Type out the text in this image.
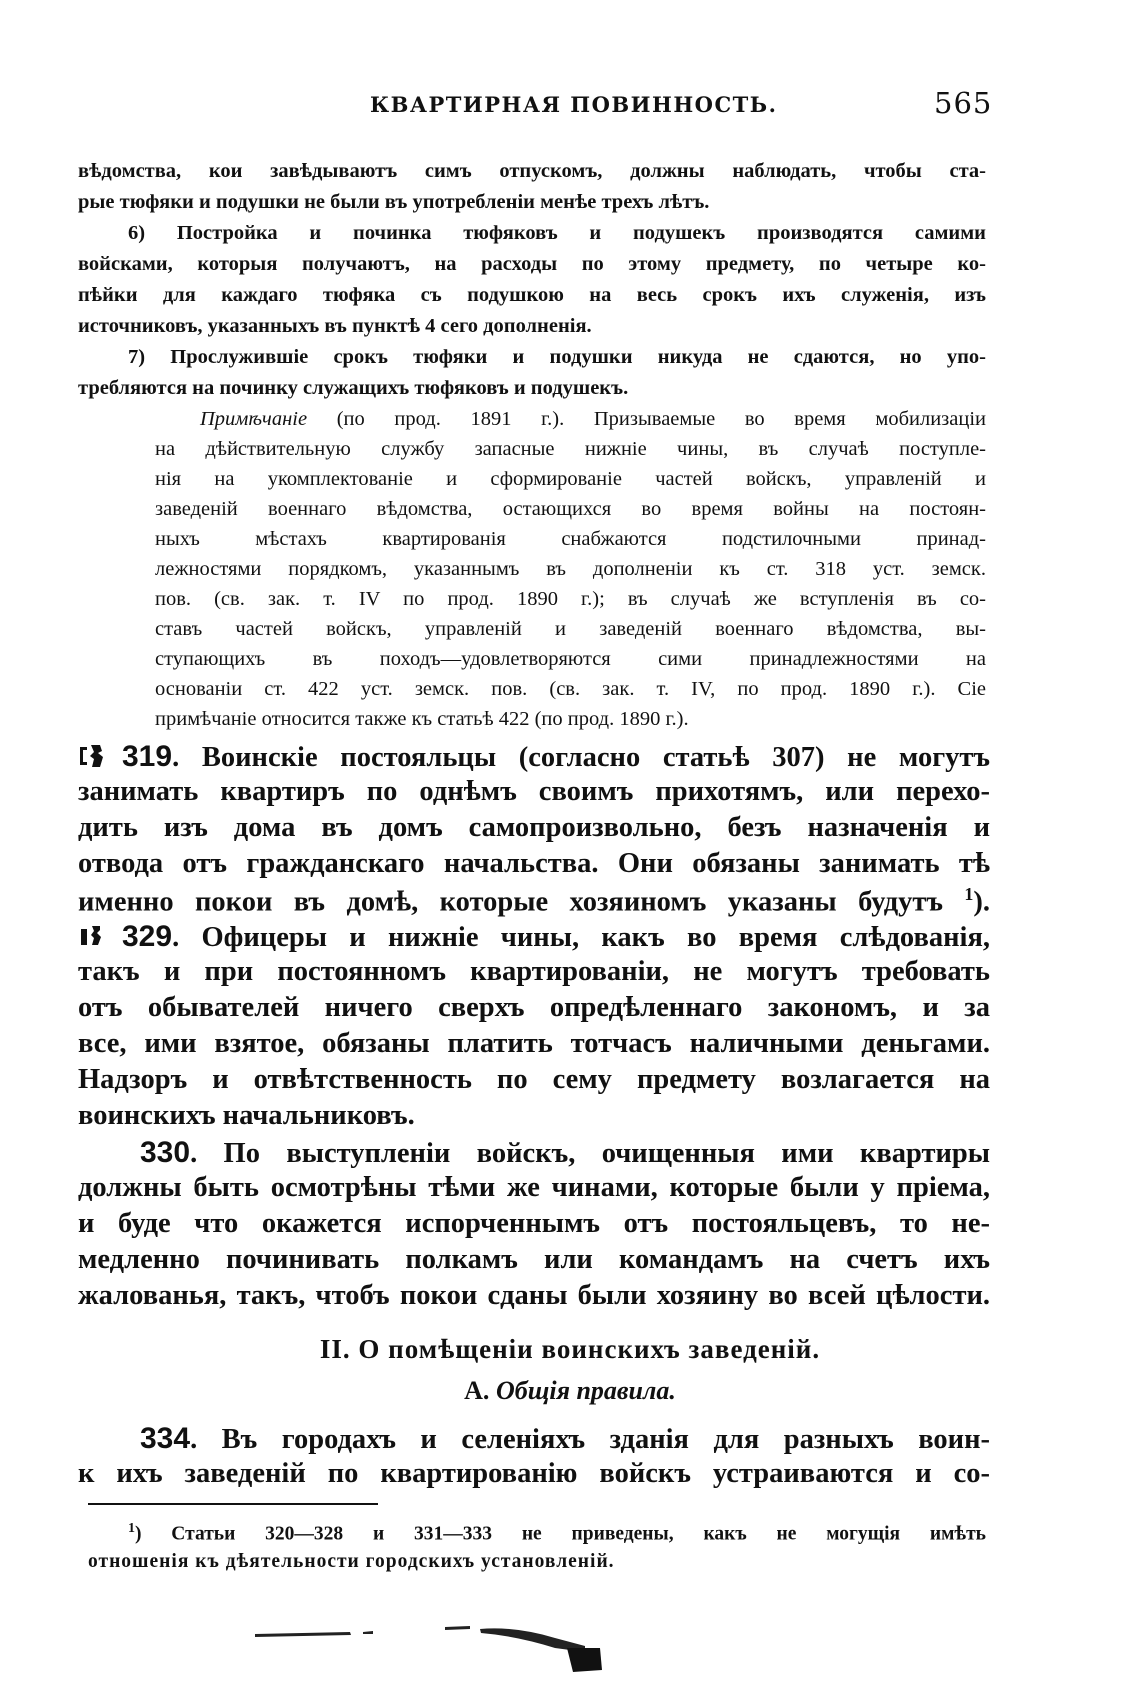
КВАРТИРНАЯ ПОВИННОСТЬ.	565
вѣдомства, кои завѣдываютъ симъ отпускомъ, должны наблюдать, чтобы ста-
рые тюфяки и подушки не были въ употребленіи менѣе трехъ лѣтъ.
6) Постройка и починка тюфяковъ и подушекъ производятся самими
войсками, которыя получаютъ, на расходы по этому предмету, по четыре ко-
пѣйки для каждаго тюфяка съ подушкою на весь срокъ ихъ служенія, изъ
источниковъ, указанныхъ въ пунктѣ 4 сего дополненія.
7) Прослужившіе срокъ тюфяки и подушки никуда не сдаются, но упо-
требляются на починку служащихъ тюфяковъ и подушекъ.
Примѣчаніе (по прод. 1891 г.). Призываемые во время мобилизаціи
на дѣйствительную службу запасные нижніе чины, въ случаѣ поступле-
нія на укомплектованіе и сформированіе частей войскъ, управленій и
заведеній военнаго вѣдомства, остающихся во время войны на постоян-
ныхъ мѣстахъ квартированія снабжаются подстилочными принад-
лежностями порядкомъ, указаннымъ въ дополненіи къ ст. 318 уст. земск.
пов. (св. зак. т. IV по прод. 1890 г.); въ случаѣ же вступленія въ со-
ставъ частей войскъ, управленій и заведеній военнаго вѣдомства, вы-
ступающихъ въ походъ—удовлетворяются сими принадлежностями на
основаніи ст. 422 уст. земск. пов. (св. зак. т. IV, по прод. 1890 г.). Сіе
примѣчаніе относится также къ статьѣ 422 (по прод. 1890 г.).
319. Воинскіе постояльцы (согласно статьѣ 307) не могутъ
занимать квартиръ по однѣмъ своимъ прихотямъ, или перехо-
дить изъ дома въ домъ самопроизвольно, безъ назначенія и
отвода отъ гражданскаго начальства. Они обязаны занимать тѣ
именно покои въ домѣ, которые хозяиномъ указаны будутъ $^1$).
329. Офицеры и нижніе чины, какъ во время слѣдованія,
такъ и при постоянномъ квартированіи, не могутъ требовать
отъ обывателей ничего сверхъ опредѣленнаго закономъ, и за
все, ими взятое, обязаны платить тотчасъ наличными деньгами.
Надзоръ и отвѣтственность по сему предмету возлагается на
воинскихъ начальниковъ.
330. По выступленіи войскъ, очищенныя ими квартиры
должны быть осмотрѣны тѣми же чинами, которые были у пріема,
и буде что окажется испорченнымъ отъ постояльцевъ, то не-
медленно починивать полкамъ или командамъ на счетъ ихъ
жалованья, такъ, чтобъ покои сданы были хозяину во всей цѣлости.
II. О помѣщеніи воинскихъ заведеній.
А. Общія правила.
334. Въ городахъ и селеніяхъ зданія для разныхъ воин-
к ихъ заведеній по квартированію войскъ устраиваются и со-
$^1$) Статьи 320—328 и 331—333 не приведены, какъ не могущія имѣть
отношенія къ дѣятельности городскихъ установленій.
